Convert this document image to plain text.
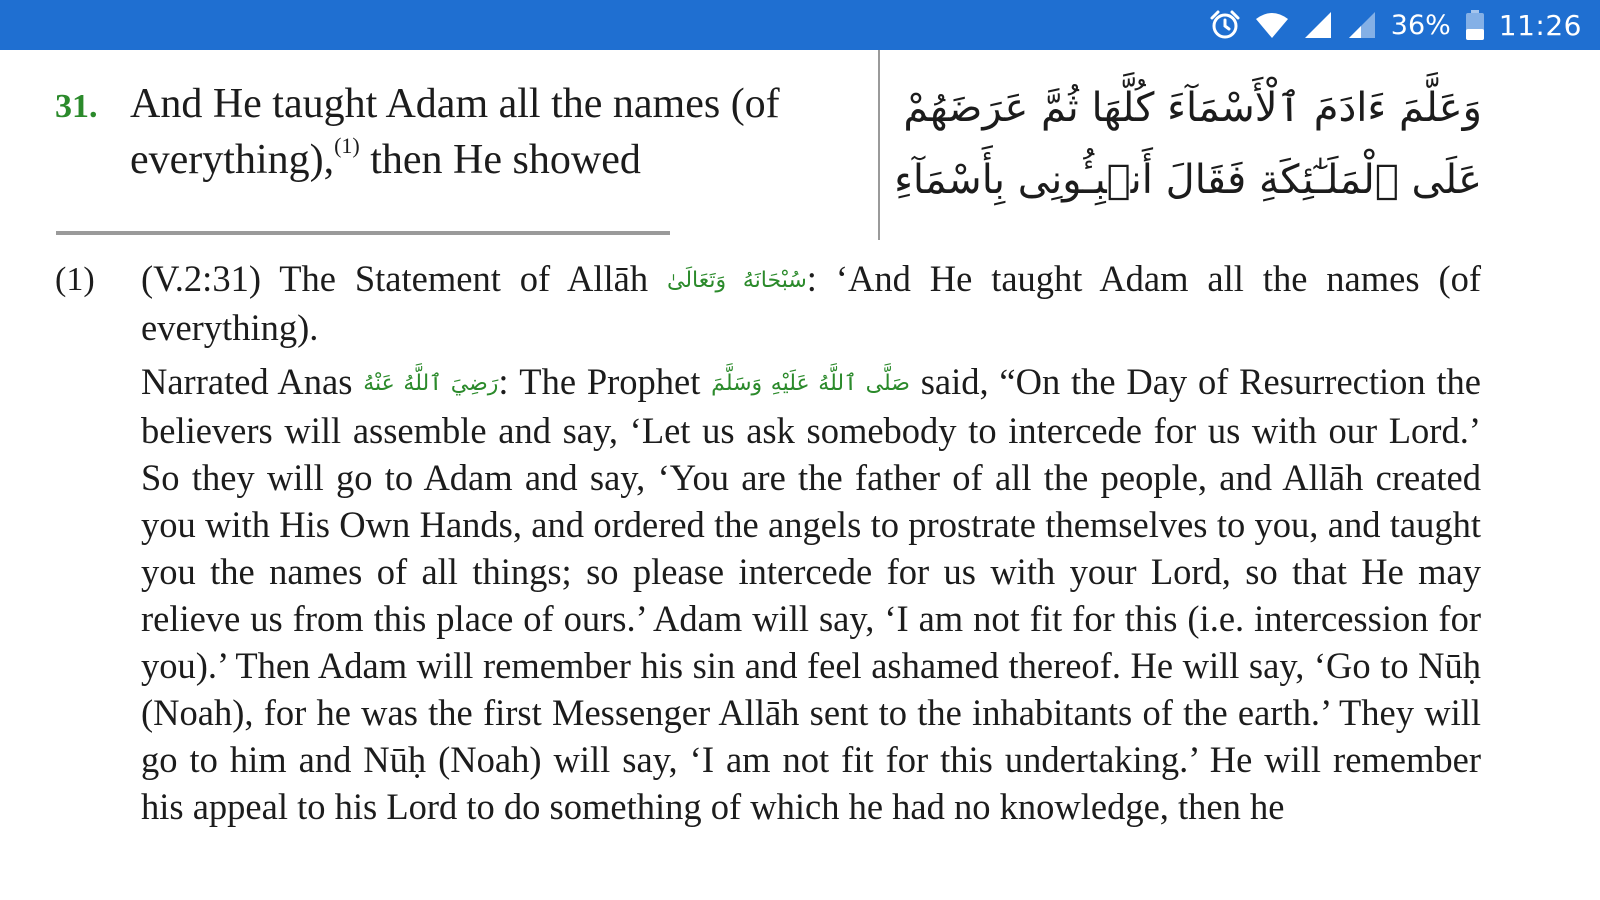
36% 11:26
31. And He taught Adam all the names (of everything),$^{(1)}$ then He showed
وَعَلَّمَ ءَادَمَ ٱلْأَسْمَآءَ كُلَّهَا ثُمَّ عَرَضَهُمْ
عَلَى ٱلْمَلَـٰٓئِكَةِ فَقَالَ أَنۢبِـُٔونِى بِأَسْمَآءِ
(1) (V.2:31) The Statement of Allāh سُبْحَانَهُ وَتَعَالَىٰ: ‘And He taught Adam all the names (of everything).

Narrated Anas رَضِيَ ٱللَّهُ عَنْهُ: The Prophet صَلَّى ٱللَّهُ عَلَيْهِ وَسَلَّمَ said, “On the Day of Resurrection the believers will assemble and say, ‘Let us ask somebody to intercede for us with our Lord.’ So they will go to Adam and say, ‘You are the father of all the people, and Allāh created you with His Own Hands, and ordered the angels to prostrate themselves to you, and taught you the names of all things; so please intercede for us with your Lord, so that He may relieve us from this place of ours.’ Adam will say, ‘I am not fit for this (i.e. intercession for you).’ Then Adam will remember his sin and feel ashamed thereof. He will say, ‘Go to Nūḥ (Noah), for he was the first Messenger Allāh sent to the inhabitants of the earth.’ They will go to him and Nūḥ (Noah) will say, ‘I am not fit for this undertaking.’ He will remember his appeal to his Lord to do something of which he had no knowledge, then he
